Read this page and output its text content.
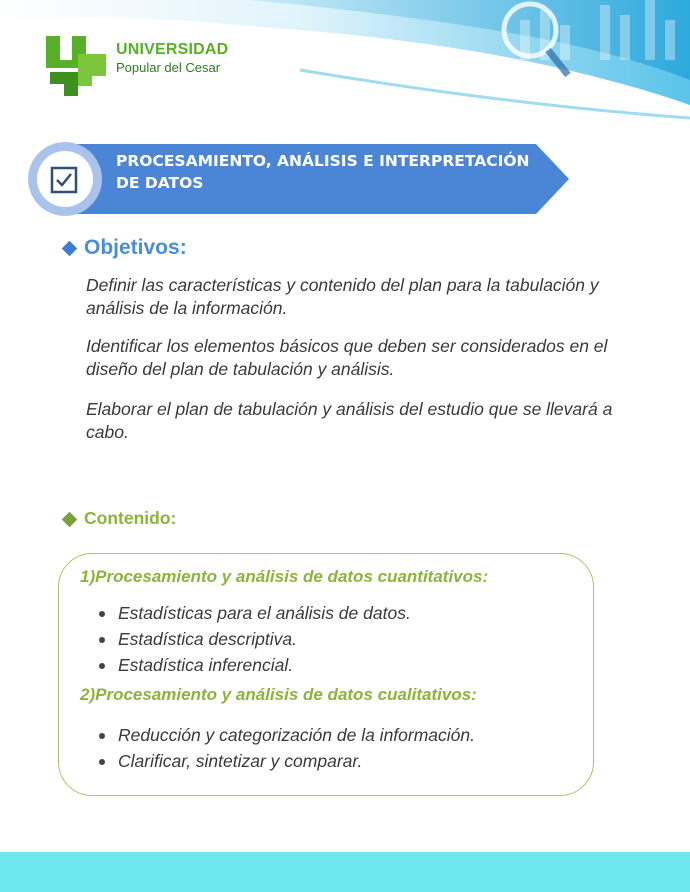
UNIVERSIDAD
Popular del Cesar
PROCESAMIENTO, ANÁLISIS E INTERPRETACIÓN DE DATOS
Objetivos:
Definir las características y contenido del plan para la tabulación y análisis de la información.
Identificar los elementos básicos que deben ser considerados en el diseño del plan de tabulación y análisis.
Elaborar el plan de tabulación y análisis del estudio que se llevará a cabo.
Contenido:
1)Procesamiento y análisis de datos cuantitativos:
Estadísticas para el análisis de datos.
Estadística descriptiva.
Estadística inferencial.
2)Procesamiento y análisis de datos cualitativos:
Reducción y categorización de la información.
Clarificar, sintetizar y comparar.
